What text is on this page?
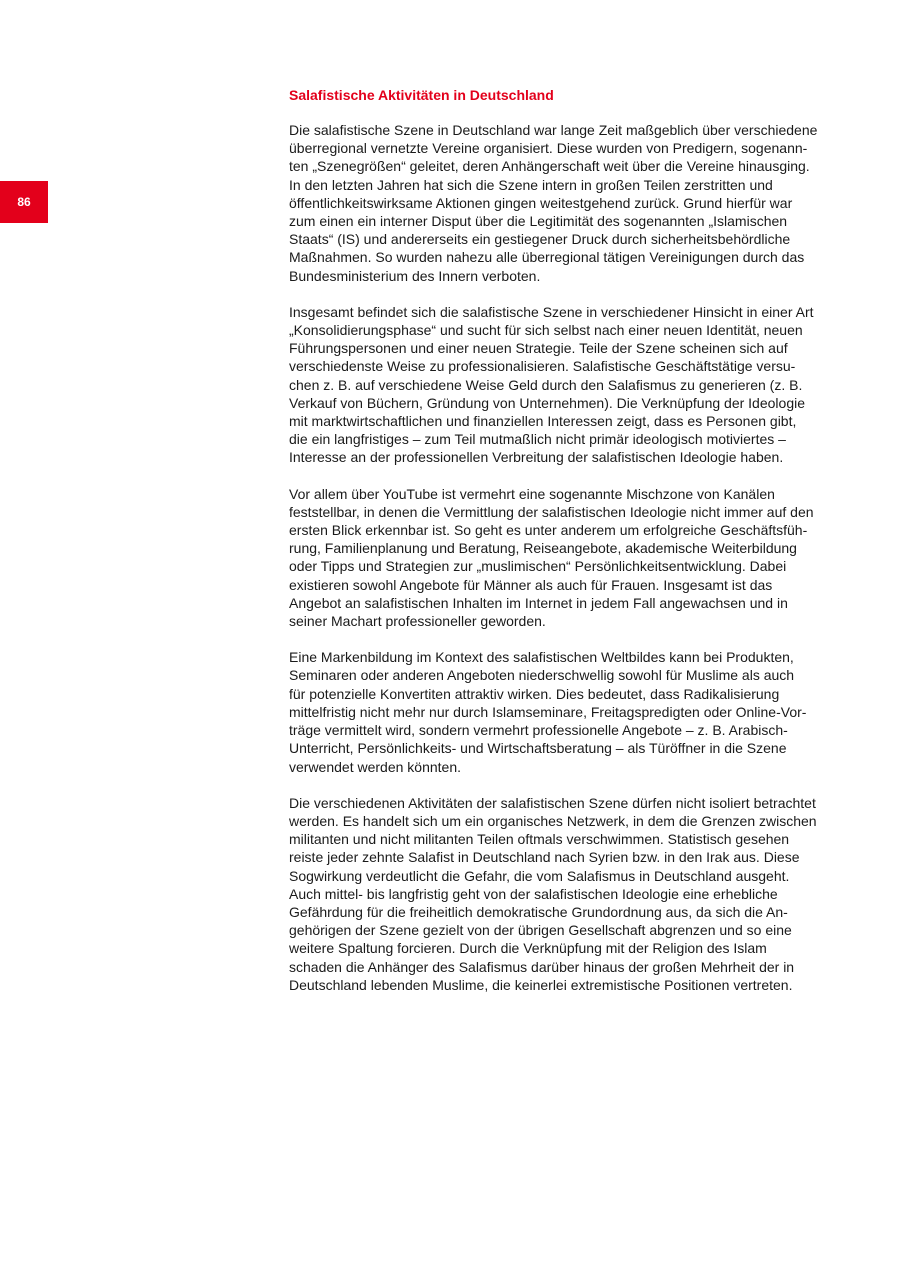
86
Salafistische Aktivitäten in Deutschland
Die salafistische Szene in Deutschland war lange Zeit maßgeblich über verschiedene
überregional vernetzte Vereine organisiert. Diese wurden von Predigern, sogenann-
ten „Szenegrößen“ geleitet, deren Anhängerschaft weit über die Vereine hinausging.
In den letzten Jahren hat sich die Szene intern in großen Teilen zerstritten und
öffentlichkeitswirksame Aktionen gingen weitestgehend zurück. Grund hierfür war
zum einen ein interner Disput über die Legitimität des sogenannten „Islamischen
Staats“ (IS) und andererseits ein gestiegener Druck durch sicherheitsbehördliche
Maßnahmen. So wurden nahezu alle überregional tätigen Vereinigungen durch das
Bundesministerium des Innern verboten.
Insgesamt befindet sich die salafistische Szene in verschiedener Hinsicht in einer Art
„Konsolidierungsphase“ und sucht für sich selbst nach einer neuen Identität, neuen
Führungspersonen und einer neuen Strategie. Teile der Szene scheinen sich auf
verschiedenste Weise zu professionalisieren. Salafistische Geschäftstätige versu-
chen z. B. auf verschiedene Weise Geld durch den Salafismus zu generieren (z. B.
Verkauf von Büchern, Gründung von Unternehmen). Die Verknüpfung der Ideologie
mit marktwirtschaftlichen und finanziellen Interessen zeigt, dass es Personen gibt,
die ein langfristiges – zum Teil mutmaßlich nicht primär ideologisch motiviertes –
Interesse an der professionellen Verbreitung der salafistischen Ideologie haben.
Vor allem über YouTube ist vermehrt eine sogenannte Mischzone von Kanälen
feststellbar, in denen die Vermittlung der salafistischen Ideologie nicht immer auf den
ersten Blick erkennbar ist. So geht es unter anderem um erfolgreiche Geschäftsfüh-
rung, Familienplanung und Beratung, Reiseangebote, akademische Weiterbildung
oder Tipps und Strategien zur „muslimischen“ Persönlichkeitsentwicklung. Dabei
existieren sowohl Angebote für Männer als auch für Frauen. Insgesamt ist das
Angebot an salafistischen Inhalten im Internet in jedem Fall angewachsen und in
seiner Machart professioneller geworden.
Eine Markenbildung im Kontext des salafistischen Weltbildes kann bei Produkten,
Seminaren oder anderen Angeboten niederschwellig sowohl für Muslime als auch
für potenzielle Konvertiten attraktiv wirken. Dies bedeutet, dass Radikalisierung
mittelfristig nicht mehr nur durch Islamseminare, Freitagspredigten oder Online-Vor-
träge vermittelt wird, sondern vermehrt professionelle Angebote – z. B. Arabisch-
Unterricht, Persönlichkeits- und Wirtschaftsberatung – als Türöffner in die Szene
verwendet werden könnten.
Die verschiedenen Aktivitäten der salafistischen Szene dürfen nicht isoliert betrachtet
werden. Es handelt sich um ein organisches Netzwerk, in dem die Grenzen zwischen
militanten und nicht militanten Teilen oftmals verschwimmen. Statistisch gesehen
reiste jeder zehnte Salafist in Deutschland nach Syrien bzw. in den Irak aus. Diese
Sogwirkung verdeutlicht die Gefahr, die vom Salafismus in Deutschland ausgeht.
Auch mittel- bis langfristig geht von der salafistischen Ideologie eine erhebliche
Gefährdung für die freiheitlich demokratische Grundordnung aus, da sich die An-
gehörigen der Szene gezielt von der übrigen Gesellschaft abgrenzen und so eine
weitere Spaltung forcieren. Durch die Verknüpfung mit der Religion des Islam
schaden die Anhänger des Salafismus darüber hinaus der großen Mehrheit der in
Deutschland lebenden Muslime, die keinerlei extremistische Positionen vertreten.
